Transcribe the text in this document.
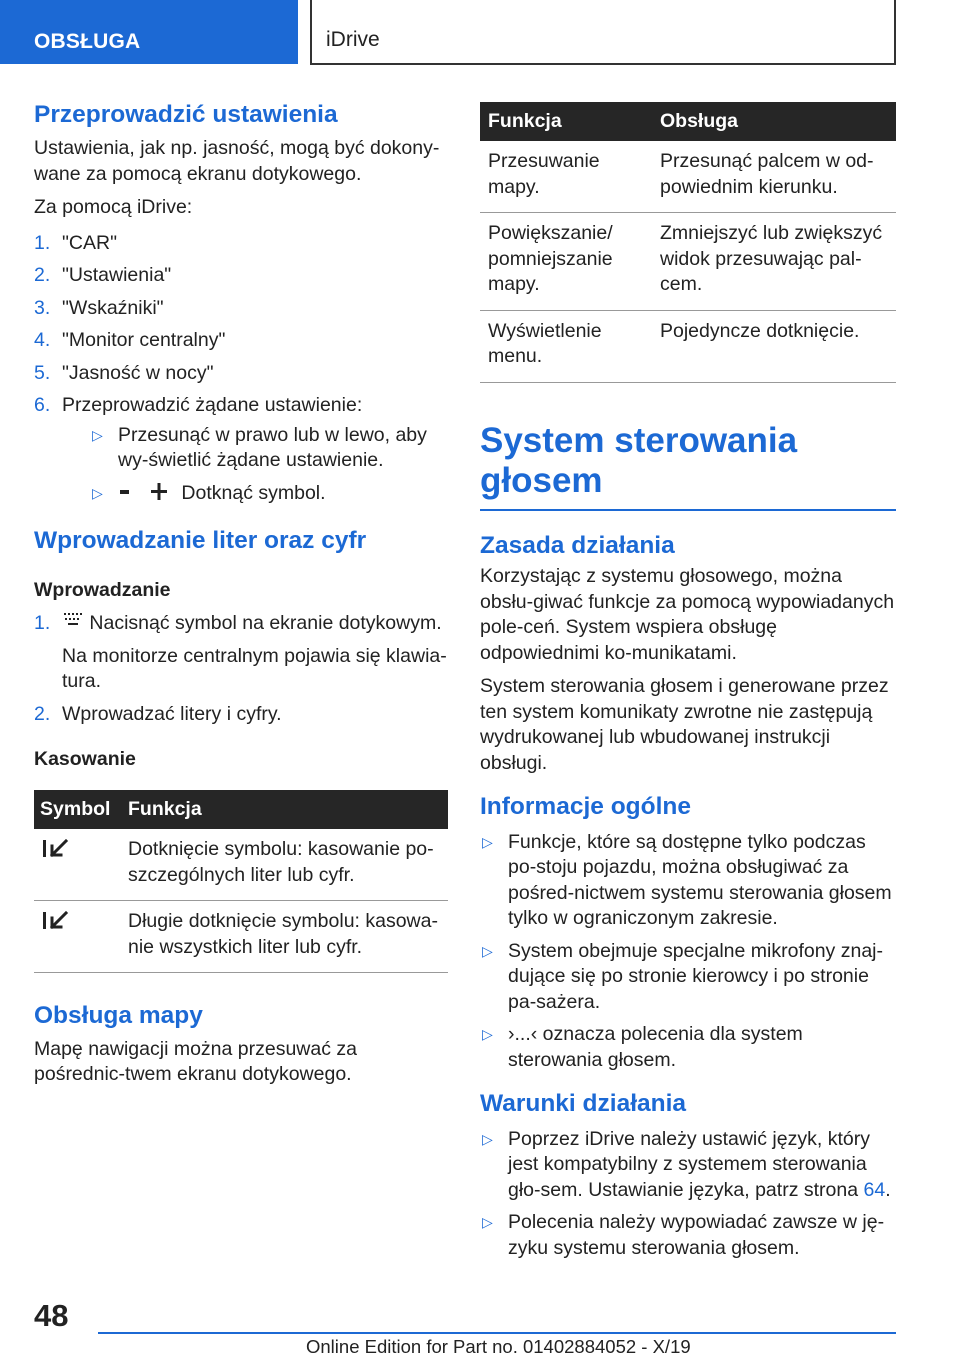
OBSŁUGA	iDrive
Przeprowadzić ustawienia

Ustawienia, jak np. jasność, mogą być dokony-wane za pomocą ekranu dotykowego.

Za pomocą iDrive:

1. "CAR"
2. "Ustawienia"
3. "Wskaźniki"
4. "Monitor centralny"
5. "Jasność w nocy"
6. Przeprowadzić żądane ustawienie:
▷ Przesunąć w prawo lub w lewo, aby wy-świetlić żądane ustawienie.
▷	Dotknąć symbol.
Wprowadzanie liter oraz cyfr
Wprowadzanie
1. Nacisnąć symbol na ekranie dotykowym.
Na monitorze centralnym pojawia się klawia-tura.
2. Wprowadzać litery i cyfry.
Kasowanie
Symbol	Funkcja
	Dotknięcie symbolu: kasowanie po-szczególnych liter lub cyfr.
	Długie dotknięcie symbolu: kasowa-nie wszystkich liter lub cyfr.
Obsługa mapy

Mapę nawigacji można przesuwać za pośrednic-twem ekranu dotykowego.

Funkcja	Obsługa
Przesuwanie mapy.	Przesunąć palcem w od-powiednim kierunku.
Powiększanie/ pomniejszanie mapy.	Zmniejszyć lub zwiększyć widok przesuwając pal-cem.
Wyświetlenie menu.	Pojedyncze dotknięcie.
System sterowania głosem
Zasada działania

Korzystając z systemu głosowego, można obsłu-giwać funkcje za pomocą wypowiadanych pole-ceń. System wspiera obsługę odpowiednimi ko-munikatami.

System sterowania głosem i generowane przez ten system komunikaty zwrotne nie zastępują wydrukowanej lub wbudowanej instrukcji obsługi.

Informacje ogólne
▷ Funkcje, które są dostępne tylko podczas po-stoju pojazdu, można obsługiwać za pośred-nictwem systemu sterowania głosem tylko w ograniczonym zakresie.
▷ System obejmuje specjalne mikrofony znaj-dujące się po stronie kierowcy i po stronie pa-sażera.
▷ ›...‹ oznacza polecenia dla system sterowania głosem.
Warunki działania
▷ Poprzez iDrive należy ustawić język, który jest kompatybilny z systemem sterowania gło-sem. Ustawianie języka, patrz strona 64.
▷ Polecenia należy wypowiadać zawsze w ję-zyku systemu sterowania głosem.
48
Online Edition for Part no. 01402884052 - X/19
